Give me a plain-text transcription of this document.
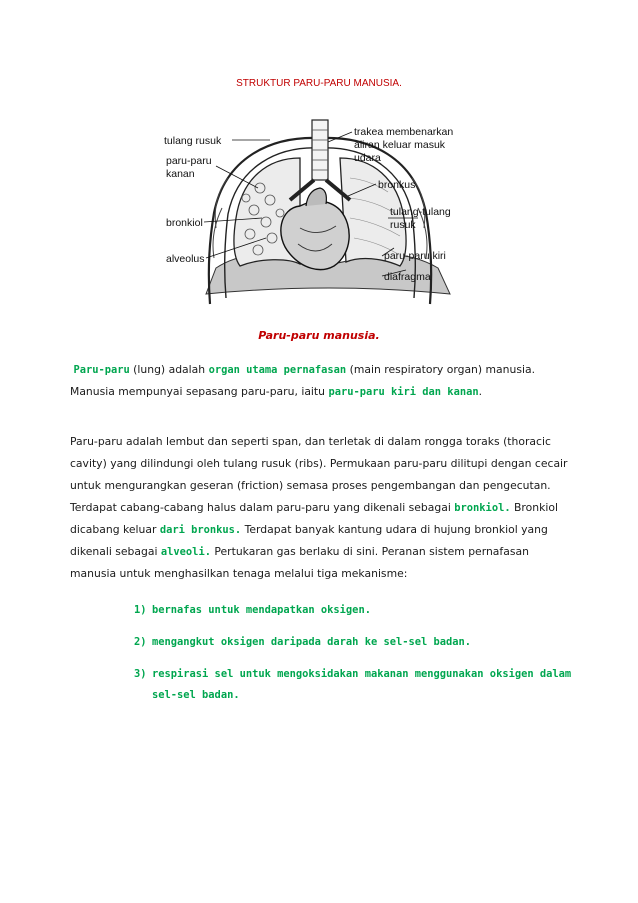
STRUKTUR PARU-PARU MANUSIA.
tulang rusuk
paru-paru
kanan
bronkiol
alveolus
trakea membenarkan
aliran keluar masuk
udara
bronkus
tulang-tulang
rusuk
paru-paru kiri
diafragma
Paru-paru manusia.

Paru-paru (lung) adalah organ utama pernafasan (main respiratory organ) manusia. Manusia mempunyai sepasang paru-paru, iaitu paru-paru kiri dan kanan.

Paru-paru adalah lembut dan seperti span, dan terletak di dalam rongga toraks (thoracic cavity) yang dilindungi oleh tulang rusuk (ribs). Permukaan paru-paru dilitupi dengan cecair untuk mengurangkan geseran (friction) semasa proses pengembangan dan pengecutan. Terdapat cabang-cabang halus dalam paru-paru yang dikenali sebagai bronkiol. Bronkiol dicabang keluar dari bronkus. Terdapat banyak kantung udara di hujung bronkiol yang dikenali sebagai alveoli. Pertukaran gas berlaku di sini. Peranan sistem pernafasan manusia untuk menghasilkan tenaga melalui tiga mekanisme:

1) bernafas untuk mendapatkan oksigen.
2) mengangkut oksigen daripada darah ke sel-sel badan.
3) respirasi sel untuk mengoksidakan makanan menggunakan oksigen dalam sel-sel badan.
